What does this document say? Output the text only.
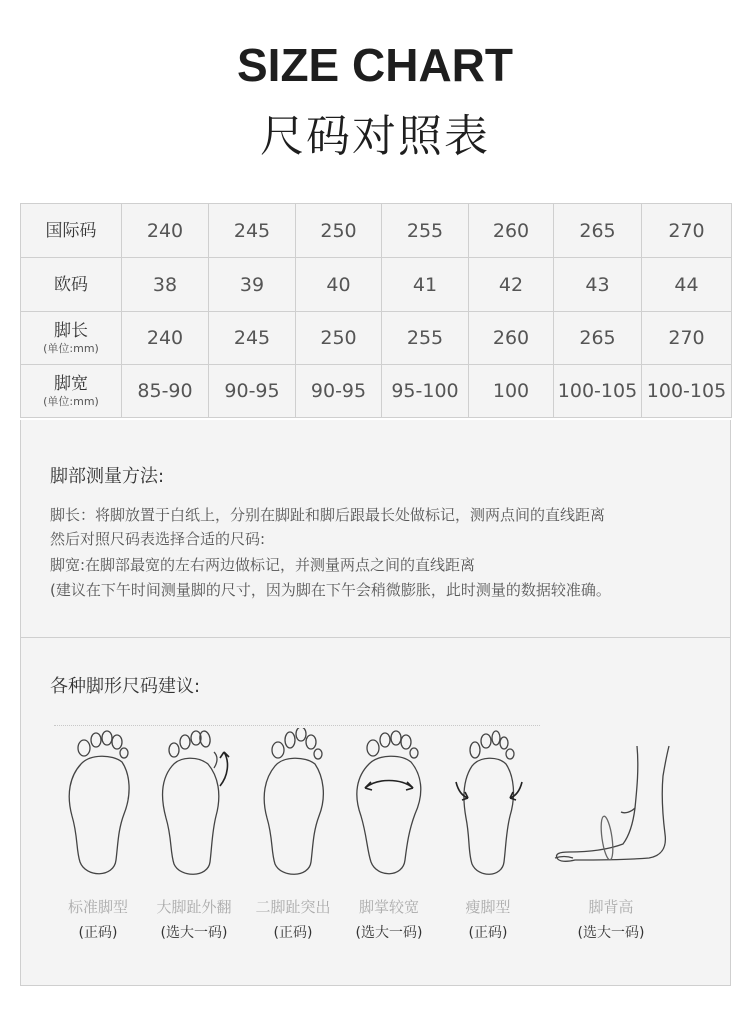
SIZE CHART
尺码对照表
国际码	240	245	250	255	260	265	270
欧码	38	39	40	41	42	43	44
脚长
(单位:mm)	240	245	250	255	260	265	270
脚宽
(单位:mm)	85-90	90-95	90-95	95-100	100	100-105	100-105
脚部测量方法:
脚长：将脚放置于白纸上，分别在脚趾和脚后跟最长处做标记，测两点间的直线距离
然后对照尺码表选择合适的尺码:
脚宽:在脚部最宽的左右两边做标记，并测量两点之间的直线距离
(建议在下午时间测量脚的尺寸，因为脚在下午会稍微膨胀，此时测量的数据较准确。
各种脚形尺码建议:
标准脚型
(正码)
大脚趾外翻
(选大一码)
二脚趾突出
(正码)
脚掌较宽
(选大一码)
瘦脚型
(正码)
脚背高
(选大一码)
